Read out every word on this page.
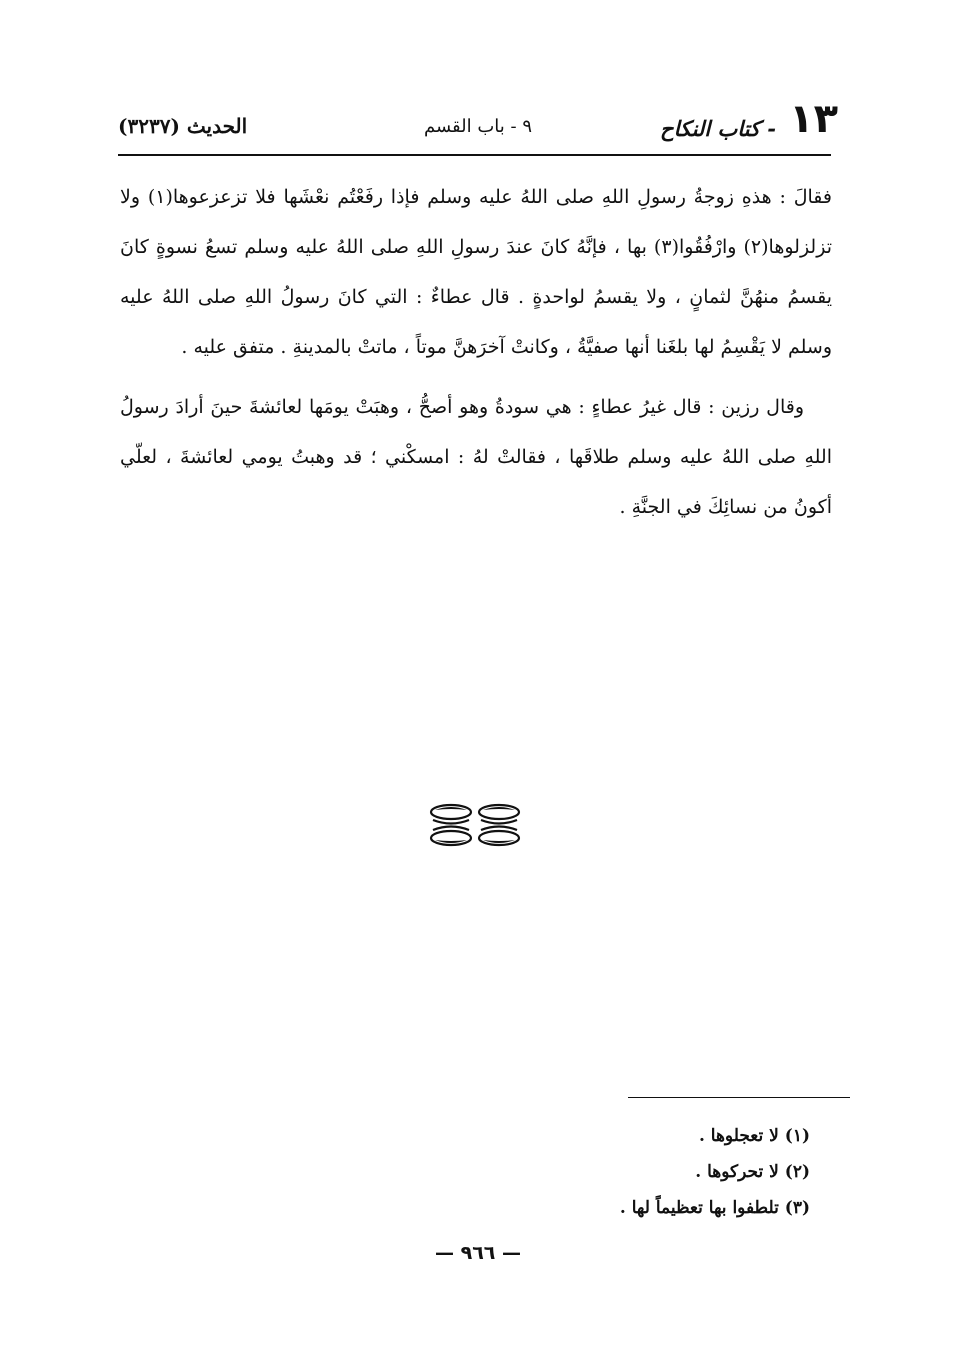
١٣
- كتاب النكاح
٩ - باب القسم
الحديث (٣٢٣٧)

فقالَ : هذهِ زوجةُ رسولِ اللهِ صلى اللهُ عليه وسلم فإذا رفَعْتُم نعْشَها فلا تزعزعوها(١) ولا تزلزلوها(٢) وارْفُقُوا(٣) بها ، فإنَّهُ كانَ عندَ رسولِ اللهِ صلى اللهُ عليه وسلم تسعُ نسوةٍ كانَ يقسمُ منهُنَّ لثمانٍ ، ولا يقسمُ لواحدةٍ . قال عطاءٌ : التي كانَ رسولُ اللهِ صلى اللهُ عليه وسلم لا يَقْسِمُ لها بلغَنا أنها صفيَّةُ ، وكانتْ آخرَهنَّ موتاً ، ماتتْ بالمدينةِ . متفق عليه .

وقال رزين : قال غيرُ عطاءٍ : هي سودةُ وهو أصحُّ ، وهبَتْ يومَها لعائشةَ حينَ أرادَ رسولُ اللهِ صلى اللهُ عليه وسلم طلاقَها ، فقالتْ لهُ : امسكْني ؛ قد وهبتُ يومي لعائشةَ ، لعلّي أكونُ من نسائِكَ في الجنَّةِ .

(١) لا تعجلوها .

(٢) لا تحركوها .

(٣) تلطفوا بها تعظيماً لها .

— ٩٦٦ —
